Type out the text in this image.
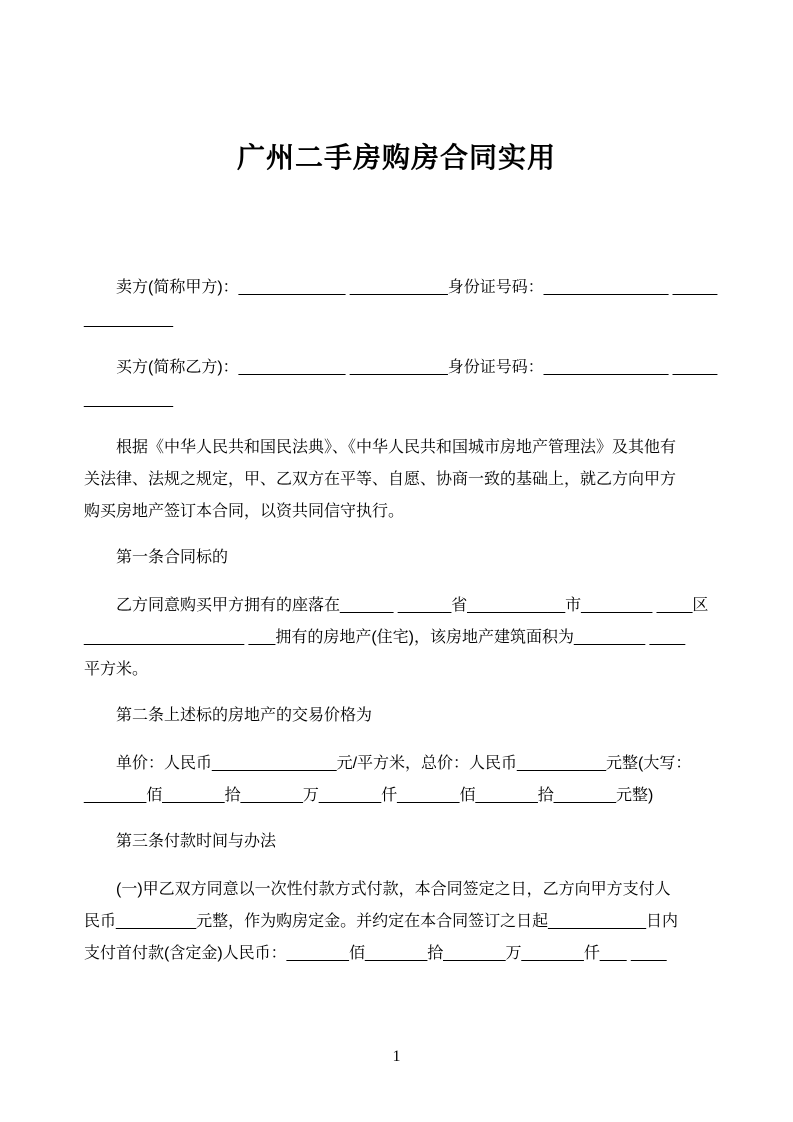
广州二手房购房合同实用
卖方(简称甲方)：____________ ___________身份证号码：______________ _____
__________
买方(简称乙方)：____________ ___________身份证号码：______________ _____
__________
根据《中华人民共和国民法典》、《中华人民共和国城市房地产管理法》及其他有
关法律、法规之规定，甲、乙双方在平等、自愿、协商一致的基础上，就乙方向甲方
购买房地产签订本合同，以资共同信守执行。
第一条合同标的
乙方同意购买甲方拥有的座落在______ ______省___________市________ ____区
__________________ ___拥有的房地产(住宅)，该房地产建筑面积为________ ____
平方米。
第二条上述标的房地产的交易价格为
单价：人民币______________元/平方米，总价：人民币__________元整(大写：
_______佰_______拾_______万_______仟_______佰_______拾_______元整)
第三条付款时间与办法
(一)甲乙双方同意以一次性付款方式付款，本合同签定之日，乙方向甲方支付人
民币_________元整，作为购房定金。并约定在本合同签订之日起___________日内
支付首付款(含定金)人民币：_______佰_______拾_______万_______仟___ ____
1
